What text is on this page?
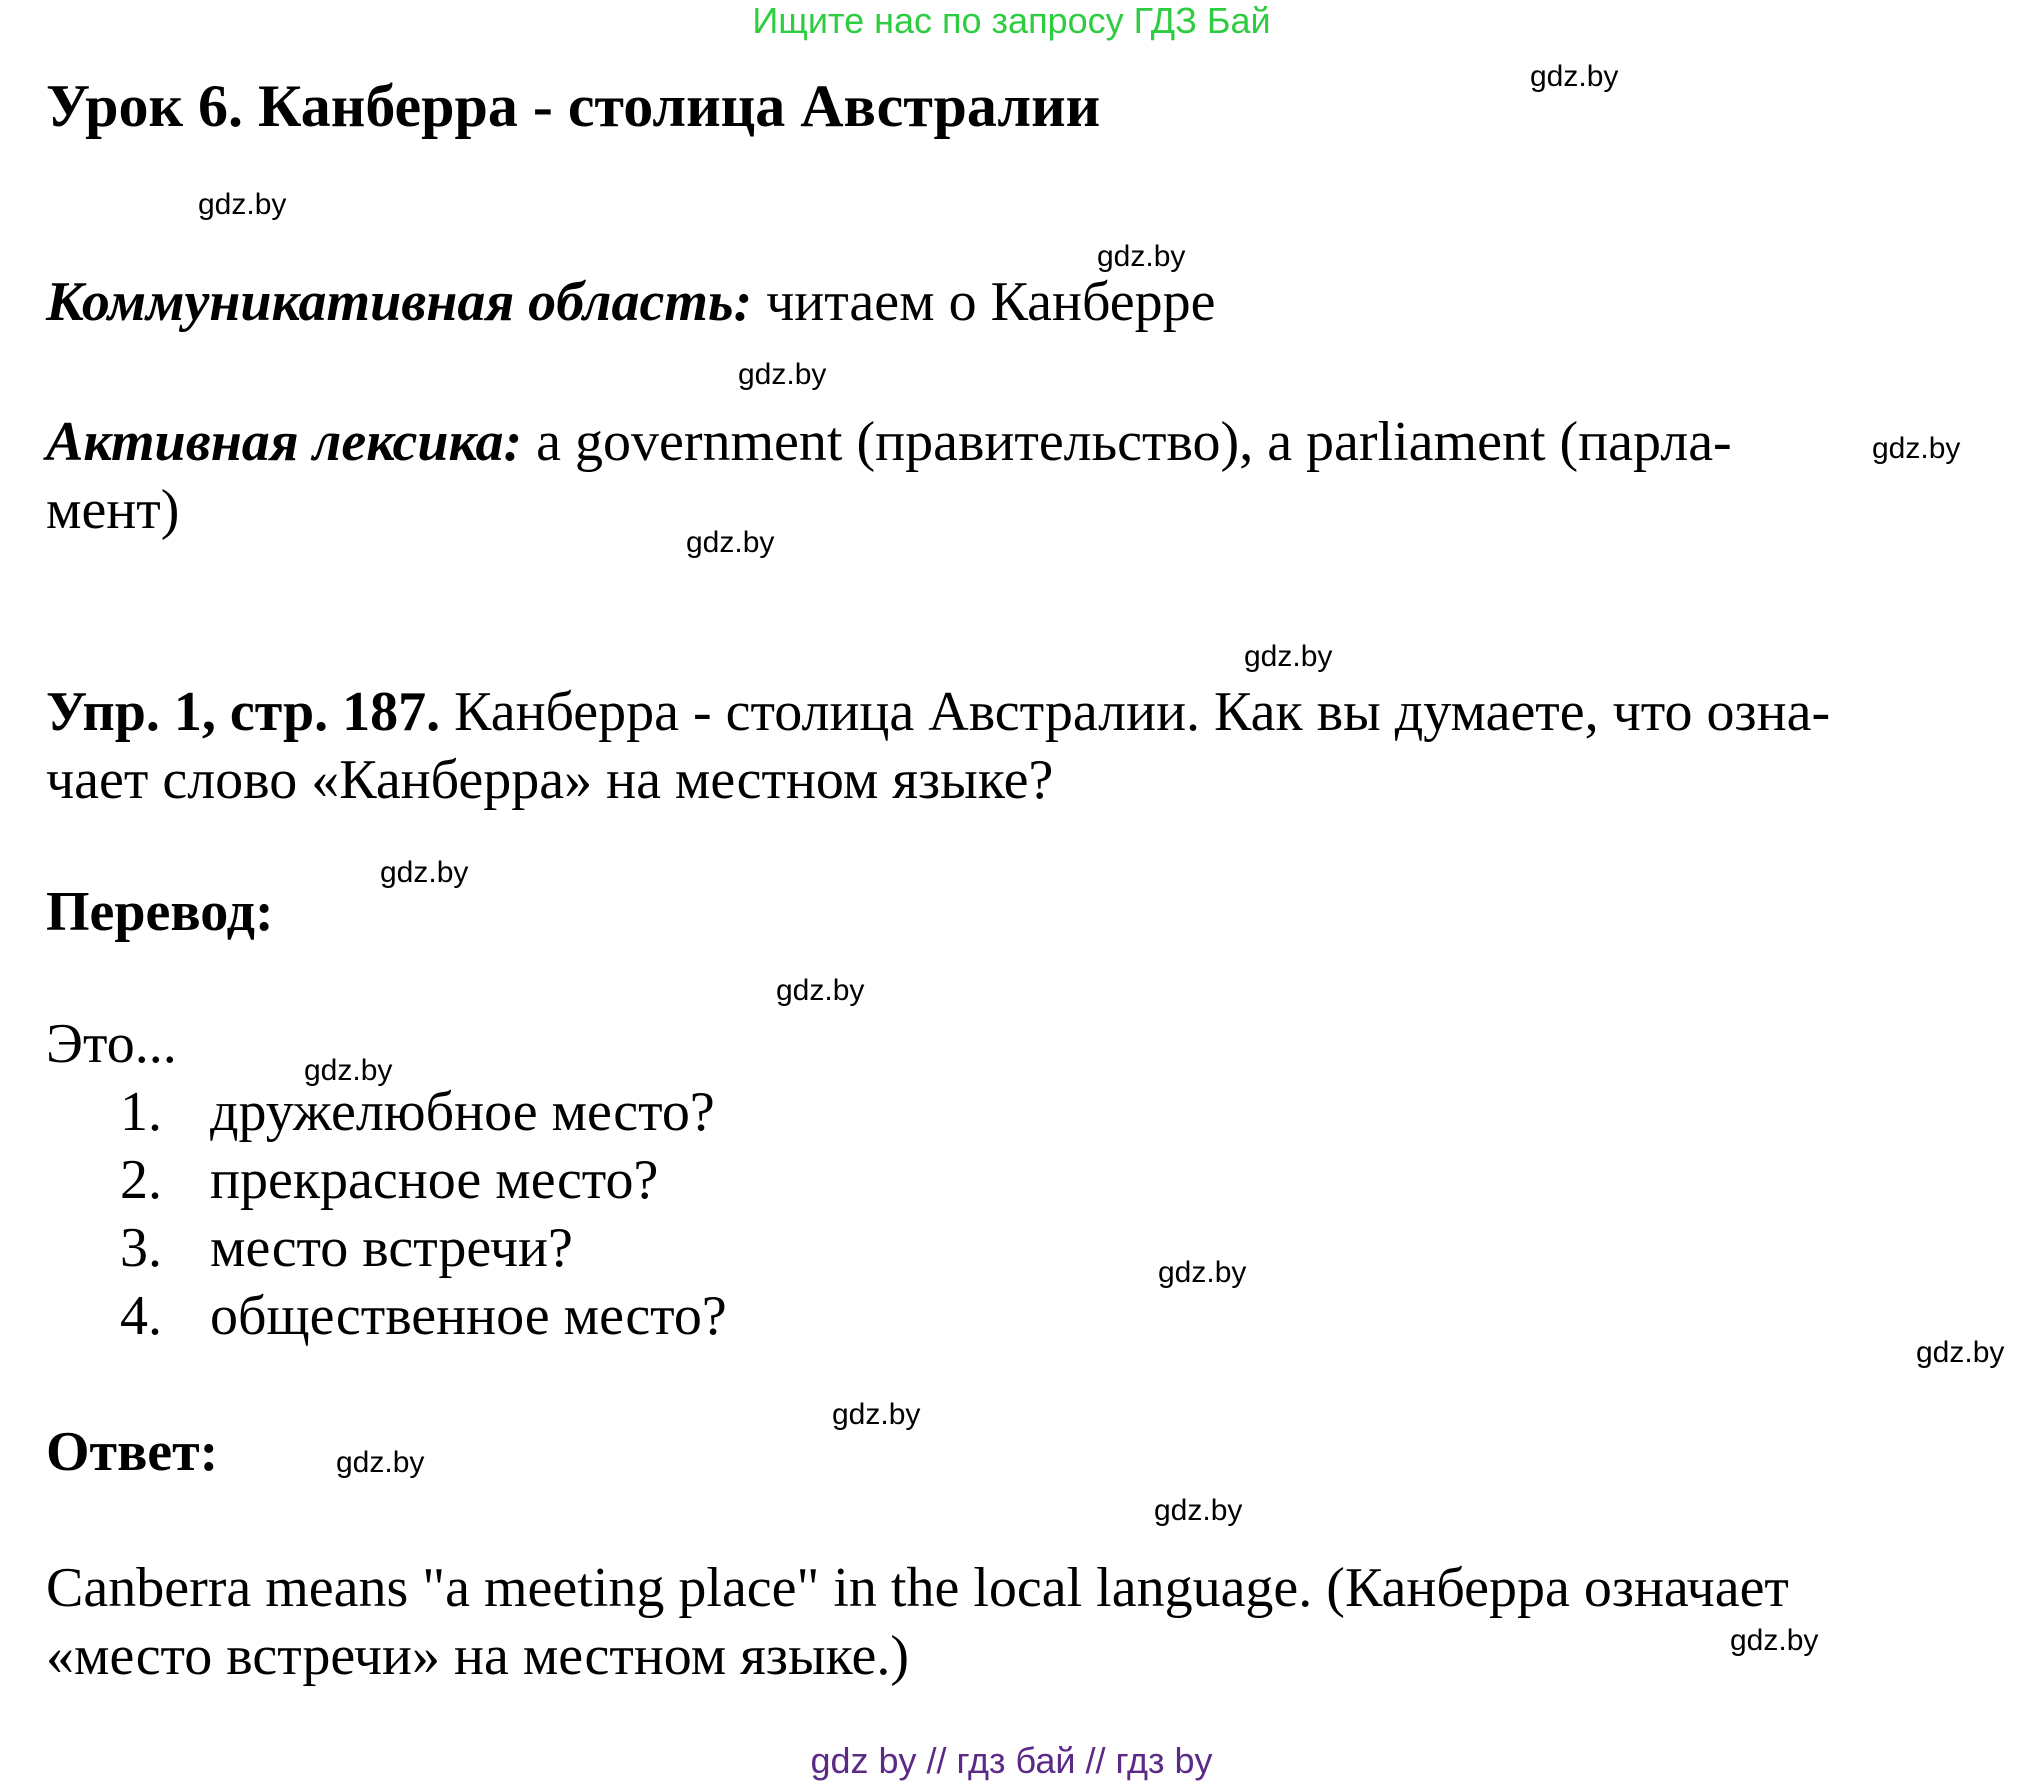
Ищите нас по запросу ГДЗ Бай
gdz by // гдз бай // гдз by
gdz.by
gdz.by
gdz.by
gdz.by
gdz.by
gdz.by
gdz.by
gdz.by
gdz.by
gdz.by
gdz.by
gdz.by
gdz.by
gdz.by
gdz.by
gdz.by
Урок 6. Канберра - столица Австралии
Коммуникативная область: читаем о Канберре
Активная лексика: a government (правительство), a parliament (парла-
мент)
Упр. 1, стр. 187. Канберра - столица Австралии. Как вы думаете, что озна-
чает слово «Канберра» на местном языке?
Перевод:
Это...
1. дружелюбное место?
2. прекрасное место?
3. место встречи?
4. общественное место?
Ответ:
Canberra means "a meeting place" in the local language. (Канберра означает
«место встречи» на местном языке.)
